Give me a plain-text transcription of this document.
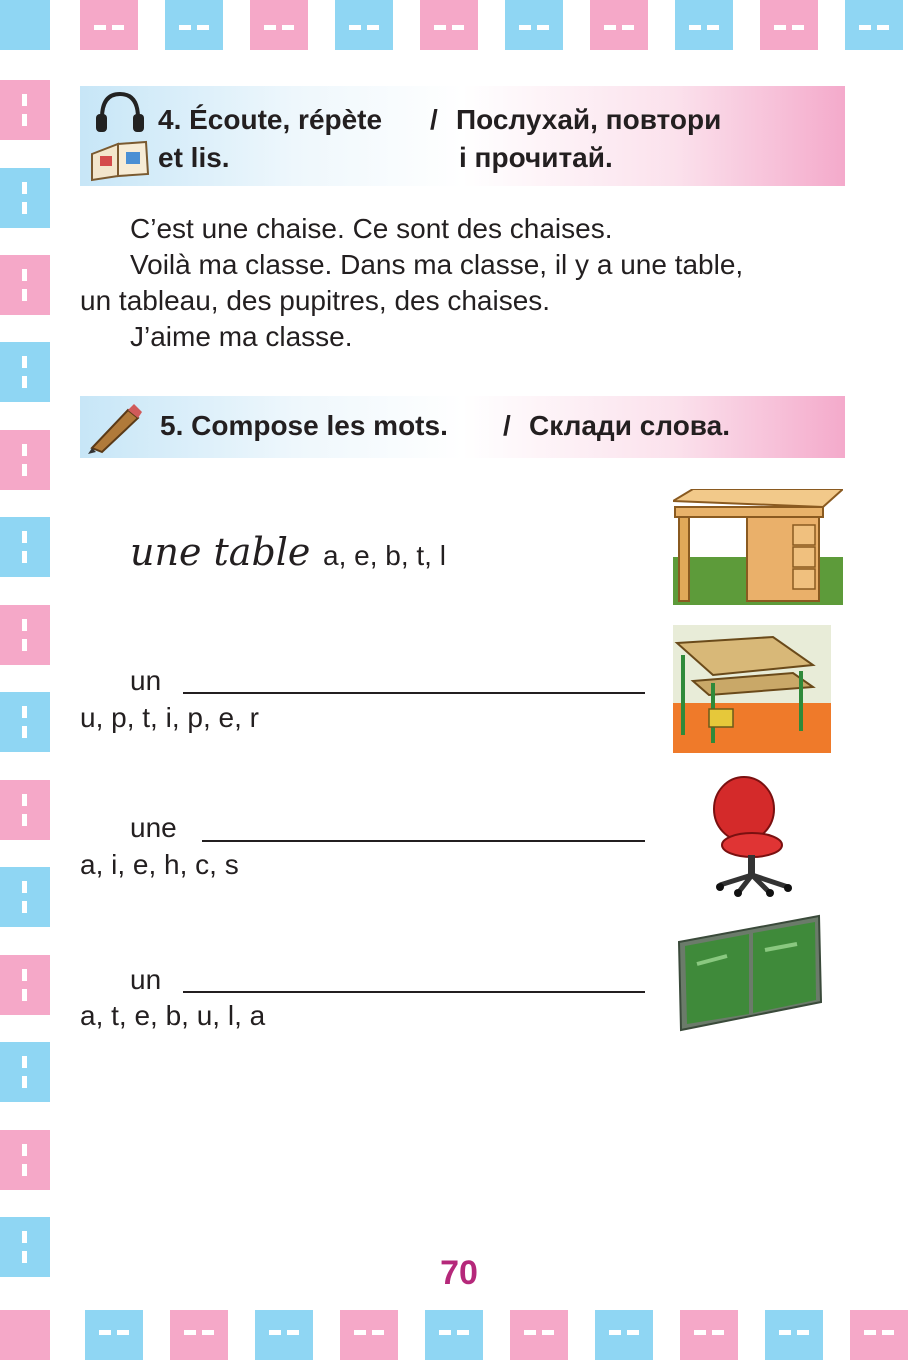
4. Écoute, répète / Послухай, повтори
et lis.	і прочитай.
C’est une chaise. Ce sont des chaises.
Voilà ma classe. Dans ma classe, il y a une table,
un tableau, des pupitres, des chaises.
J’aime ma classe.
5. Compose les mots. / Склади слова.
une table a, e, b, t, l
un
u, p, t, i, p, e, r
une
a, i, e, h, c, s
un
a, t, e, b, u, l, a
70
